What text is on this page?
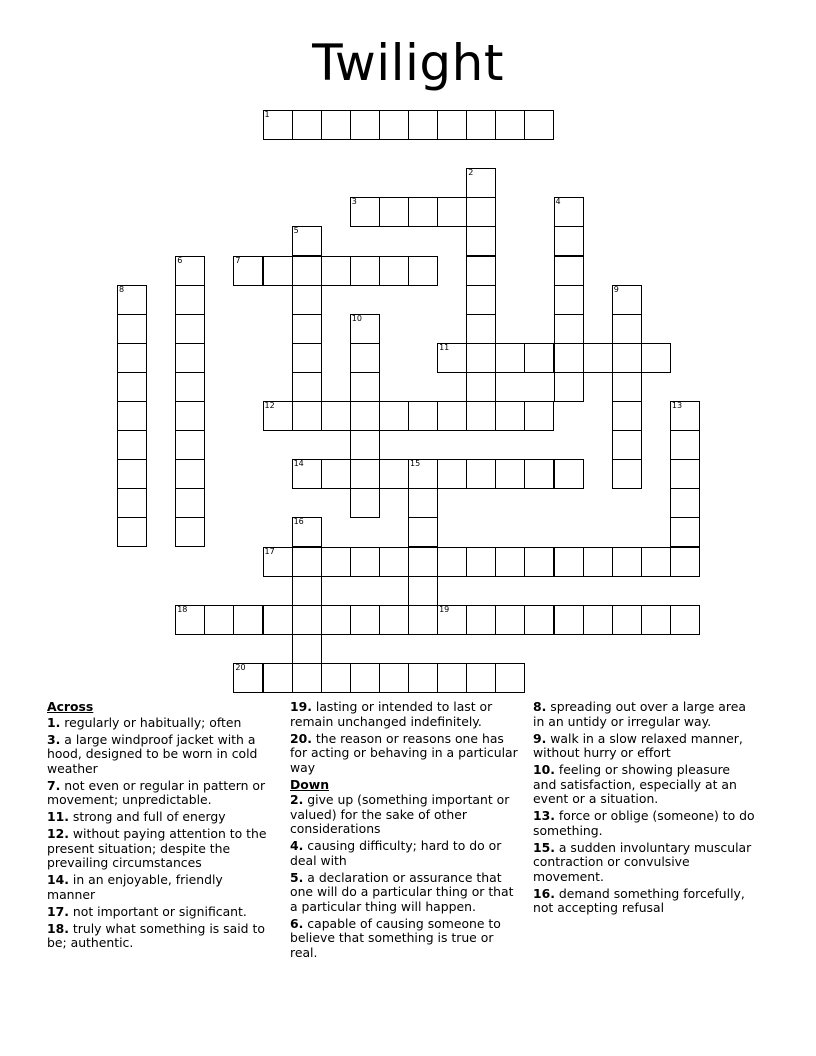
Twilight
1
2
3	4
5
6	7
8	9
10
11
12	13
14	15
16
17
18	19
20
Across
1. regularly or habitually; often
3. a large windproof jacket with a hood, designed to be worn in cold weather
7. not even or regular in pattern or movement; unpredictable.
11. strong and full of energy
12. without paying attention to the present situation; despite the prevailing circumstances
14. in an enjoyable, friendly manner
17. not important or significant.
18. truly what something is said to be; authentic.
19. lasting or intended to last or remain unchanged indefinitely.
20. the reason or reasons one has for acting or behaving in a particular way
Down
2. give up (something important or valued) for the sake of other considerations
4. causing difficulty; hard to do or deal with
5. a declaration or assurance that one will do a particular thing or that a particular thing will happen.
6. capable of causing someone to believe that something is true or real.
8. spreading out over a large area in an untidy or irregular way.
9. walk in a slow relaxed manner, without hurry or effort
10. feeling or showing pleasure and satisfaction, especially at an event or a situation.
13. force or oblige (someone) to do something.
15. a sudden involuntary muscular contraction or convulsive movement.
16. demand something forcefully, not accepting refusal
